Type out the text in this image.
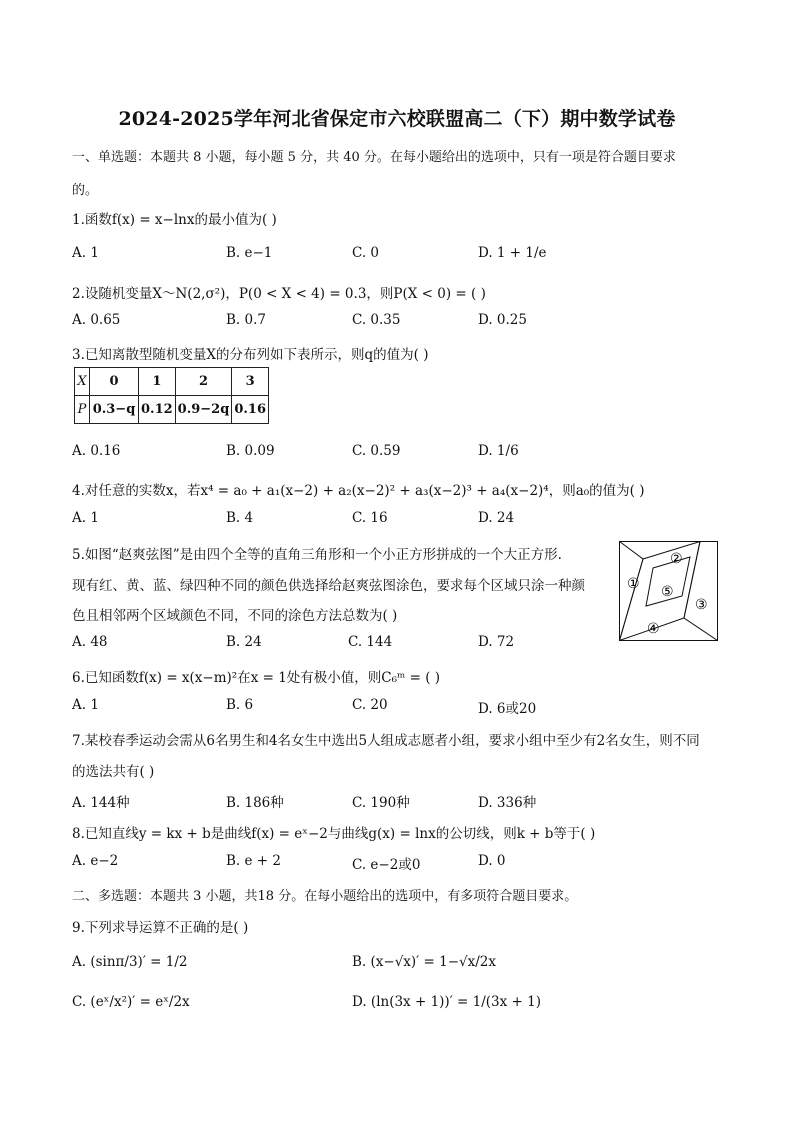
2024-2025学年河北省保定市六校联盟高二（下）期中数学试卷
一、单选题：本题共 8 小题，每小题 5 分，共 40 分。在每小题给出的选项中，只有一项是符合题目要求
的。
1.函数f(x) = x−lnx的最小值为( )
A. 1	B. e−1	C. 0	D. 1 + 1/e
2.设随机变量X～N(2,σ²)，P(0 < X < 4) = 0.3，则P(X < 0) = ( )
A. 0.65	B. 0.7	C. 0.35	D. 0.25
3.已知离散型随机变量X的分布列如下表所示，则q的值为( )
X	0	1	2	3
P	0.3−q	0.12	0.9−2q	0.16
A. 0.16	B. 0.09	C. 0.59	D. 1/6
4.对任意的实数x，若x⁴ = a₀ + a₁(x−2) + a₂(x−2)² + a₃(x−2)³ + a₄(x−2)⁴，则a₀的值为( )
A. 1	B. 4	C. 16	D. 24
5.如图“赵爽弦图”是由四个全等的直角三角形和一个小正方形拼成的一个大正方形.
现有红、黄、蓝、绿四种不同的颜色供选择给赵爽弦图涂色，要求每个区域只涂一种颜
色且相邻两个区域颜色不同，不同的涂色方法总数为( )
A. 48	B. 24	C. 144	D. 72
①
②
③
④
⑤
6.已知函数f(x) = x(x−m)²在x = 1处有极小值，则C₆ᵐ = ( )
A. 1	B. 6	C. 20	D. 6或20
7.某校春季运动会需从6名男生和4名女生中选出5人组成志愿者小组，要求小组中至少有2名女生，则不同
的选法共有( )
A. 144种	B. 186种	C. 190种	D. 336种
8.已知直线y = kx + b是曲线f(x) = eˣ−2与曲线g(x) = lnx的公切线，则k + b等于( )
A. e−2	B. e + 2	C. e−2或0	D. 0
二、多选题：本题共 3 小题，共18 分。在每小题给出的选项中，有多项符合题目要求。
9.下列求导运算不正确的是( )
A. (sinπ/3)′ = 1/2	B. (x−√x)′ = 1−√x/2x
C. (eˣ/x²)′ = eˣ/2x	D. (ln(3x + 1))′ = 1/(3x + 1)
